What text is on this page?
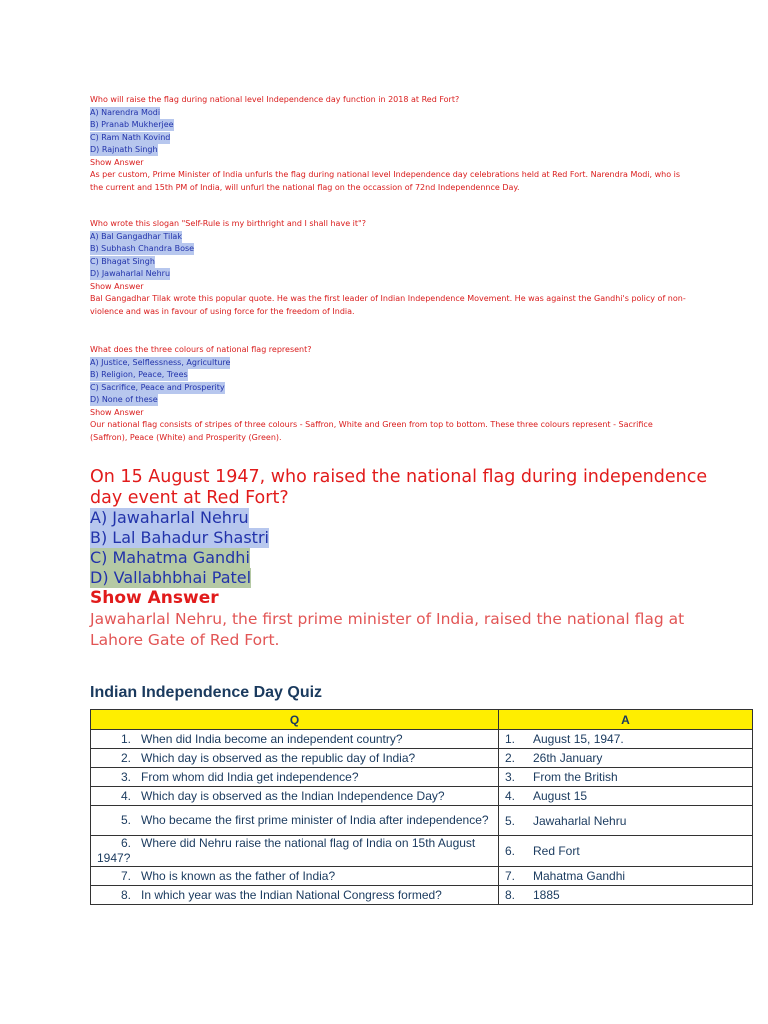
Who will raise the flag during national level Independence day function in 2018 at Red Fort?
A) Narendra Modi
B) Pranab Mukherjee
C) Ram Nath Kovind
D) Rajnath Singh
Show Answer
As per custom, Prime Minister of India unfurls the flag during national level Independence day celebrations held at Red Fort. Narendra Modi, who is the current and 15th PM of India, will unfurl the national flag on the occassion of 72nd Independennce Day.
Who wrote this slogan "Self-Rule is my birthright and I shall have it"?
A) Bal Gangadhar Tilak
B) Subhash Chandra Bose
C) Bhagat Singh
D) Jawaharlal Nehru
Show Answer
Bal Gangadhar Tilak wrote this popular quote. He was the first leader of Indian Independence Movement. He was against the Gandhi's policy of non-violence and was in favour of using force for the freedom of India.
What does the three colours of national flag represent?
A) Justice, Selflessness, Agriculture
B) Religion, Peace, Trees
C) Sacrifice, Peace and Prosperity
D) None of these
Show Answer
Our national flag consists of stripes of three colours - Saffron, White and Green from top to bottom. These three colours represent - Sacrifice (Saffron), Peace (White) and Prosperity (Green).
On 15 August 1947, who raised the national flag during independence day event at Red Fort?
A) Jawaharlal Nehru
B) Lal Bahadur Shastri
C) Mahatma Gandhi
D) Vallabhbhai Patel
Show Answer
Jawaharlal Nehru, the first prime minister of India, raised the national flag at Lahore Gate of Red Fort.
Indian Independence Day Quiz
Q	A
1. When did India become an independent country?	1. August 15, 1947.
2. Which day is observed as the republic day of India?	2. 26th January
3. From whom did India get independence?	3. From the British
4. Which day is observed as the Indian Independence Day?	4. August 15
5. Who became the first prime minister of India after independence?	5. Jawaharlal Nehru
6. Where did Nehru raise the national flag of India on 15th August 1947?	6. Red Fort
7. Who is known as the father of India?	7. Mahatma Gandhi
8. In which year was the Indian National Congress formed?	8. 1885
